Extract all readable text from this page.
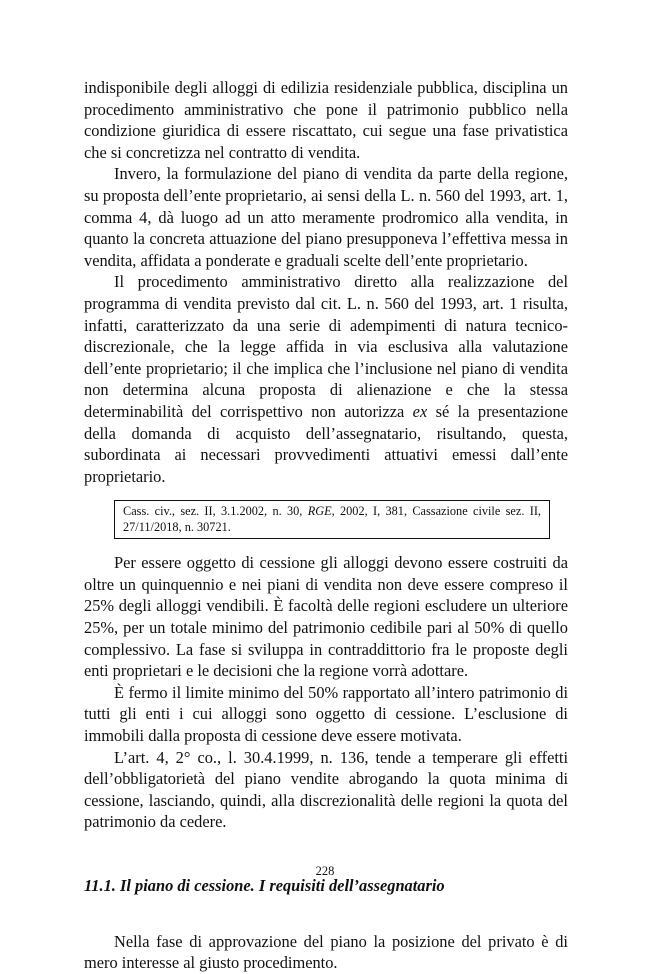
indisponibile degli alloggi di edilizia residenziale pubblica, disciplina un procedimento amministrativo che pone il patrimonio pubblico nella condizione giuridica di essere riscattato, cui segue una fase privatistica che si concretizza nel contratto di vendita.

Invero, la formulazione del piano di vendita da parte della regione, su proposta dell’ente proprietario, ai sensi della L. n. 560 del 1993, art. 1, comma 4, dà luogo ad un atto meramente prodromico alla vendita, in quanto la concreta attuazione del piano presupponeva l’effettiva messa in vendita, affidata a ponderate e graduali scelte dell’ente proprietario.

Il procedimento amministrativo diretto alla realizzazione del programma di vendita previsto dal cit. L. n. 560 del 1993, art. 1 risulta, infatti, caratterizzato da una serie di adempimenti di natura tecnico-discrezionale, che la legge affida in via esclusiva alla valutazione dell’ente proprietario; il che implica che l’inclusione nel piano di vendita non determina alcuna proposta di alienazione e che la stessa determinabilità del corrispettivo non autorizza ex sé la presentazione della domanda di acquisto dell’assegnatario, risultando, questa, subordinata ai necessari provvedimenti attuativi emessi dall’ente proprietario.

Cass. civ., sez. II, 3.1.2002, n. 30, RGE, 2002, I, 381, Cassazione civile sez. II, 27/11/2018, n. 30721.

Per essere oggetto di cessione gli alloggi devono essere costruiti da oltre un quinquennio e nei piani di vendita non deve essere compreso il 25% degli alloggi vendibili. È facoltà delle regioni escludere un ulteriore 25%, per un totale minimo del patrimonio cedibile pari al 50% di quello complessivo. La fase si sviluppa in contraddittorio fra le proposte degli enti proprietari e le decisioni che la regione vorrà adottare.

È fermo il limite minimo del 50% rapportato all’intero patrimonio di tutti gli enti i cui alloggi sono oggetto di cessione. L’esclusione di immobili dalla proposta di cessione deve essere motivata.

L’art. 4, 2° co., l. 30.4.1999, n. 136, tende a temperare gli effetti dell’obbligatorietà del piano vendite abrogando la quota minima di cessione, lasciando, quindi, alla discrezionalità delle regioni la quota del patrimonio da cedere.

11.1. Il piano di cessione. I requisiti dell’assegnatario

Nella fase di approvazione del piano la posizione del privato è di mero interesse al giusto procedimento.

228
